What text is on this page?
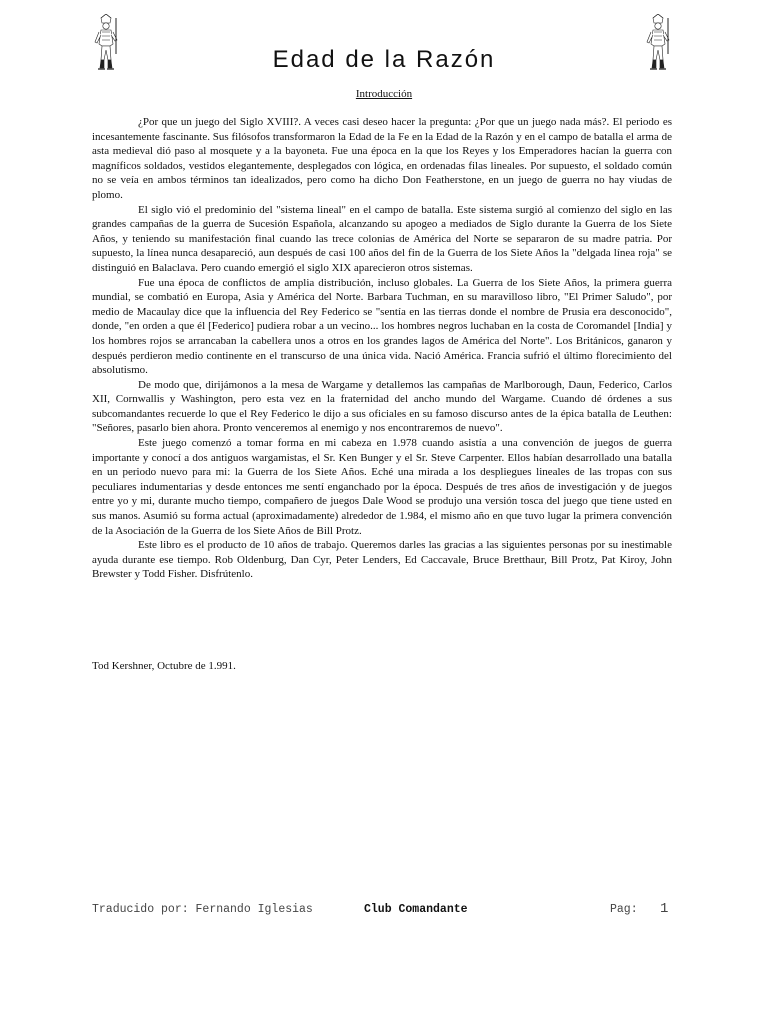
Edad de la Razón
Introducción

¿Por que un juego del Siglo XVIII?. A veces casi deseo hacer la pregunta: ¿Por que un juego nada más?. El periodo es incesantemente fascinante. Sus filósofos transformaron la Edad de la Fe en la Edad de la Razón y en el campo de batalla el arma de asta medieval dió paso al mosquete y a la bayoneta. Fue una época en la que los Reyes y los Emperadores hacían la guerra con magníficos soldados, vestidos elegantemente, desplegados con lógica, en ordenadas filas lineales. Por supuesto, el soldado común no se veía en ambos términos tan idealizados, pero como ha dicho Don Featherstone, en un juego de guerra no hay viudas de plomo.

El siglo vió el predominio del "sistema lineal" en el campo de batalla. Este sistema surgió al comienzo del siglo en las grandes campañas de la guerra de Sucesión Española, alcanzando su apogeo a mediados de Siglo durante la Guerra de los Siete Años, y teniendo su manifestación final cuando las trece colonias de América del Norte se separaron de su madre patria. Por supuesto, la línea nunca desapareció, aun después de casi 100 años del fin de la Guerra de los Siete Años la "delgada línea roja" se distinguió en Balaclava. Pero cuando emergió el siglo XIX aparecieron otros sistemas.

Fue una época de conflictos de amplia distribución, incluso globales. La Guerra de los Siete Años, la primera guerra mundial, se combatió en Europa, Asia y América del Norte. Barbara Tuchman, en su maravilloso libro, "El Primer Saludo", por medio de Macaulay dice que la influencia del Rey Federico se "sentía en las tierras donde el nombre de Prusia era desconocido", donde, "en orden a que él [Federico] pudiera robar a un vecino... los hombres negros luchaban en la costa de Coromandel [India] y los hombres rojos se arrancaban la cabellera unos a otros en los grandes lagos de América del Norte". Los Británicos, ganaron y después perdieron medio continente en el transcurso de una única vida. Nació América. Francia sufrió el último florecimiento del absolutismo.

De modo que, dirijámonos a la mesa de Wargame y detallemos las campañas de Marlborough, Daun, Federico, Carlos XII, Cornwallis y Washington, pero esta vez en la fraternidad del ancho mundo del Wargame. Cuando dé órdenes a sus subcomandantes recuerde lo que el Rey Federico le dijo a sus oficiales en su famoso discurso antes de la épica batalla de Leuthen: "Señores, pasarlo bien ahora. Pronto venceremos al enemigo y nos encontraremos de nuevo".

Este juego comenzó a tomar forma en mi cabeza en 1.978 cuando asistía a una convención de juegos de guerra importante y conocí a dos antiguos wargamistas, el Sr. Ken Bunger y el Sr. Steve Carpenter. Ellos habían desarrollado una batalla en un periodo nuevo para mi: la Guerra de los Siete Años. Eché una mirada a los despliegues lineales de las tropas con sus peculiares indumentarias y desde entonces me sentí enganchado por la época. Después de tres años de investigación y de juegos entre yo y mi, durante mucho tiempo, compañero de juegos Dale Wood se produjo una versión tosca del juego que tiene usted en sus manos. Asumió su forma actual (aproximadamente) alrededor de 1.984, el mismo año en que tuvo lugar la primera convención de la Asociación de la Guerra de los Siete Años de Bill Protz.

Este libro es el producto de 10 años de trabajo. Queremos darles las gracias a las siguientes personas por su inestimable ayuda durante ese tiempo. Rob Oldenburg, Dan Cyr, Peter Lenders, Ed Caccavale, Bruce Bretthaur, Bill Protz, Pat Kiroy, John Brewster y Todd Fisher. Disfrútenlo.

Tod Kershner, Octubre de 1.991.
Traducido por: Fernando Iglesias	Club Comandante	Pag: 1
